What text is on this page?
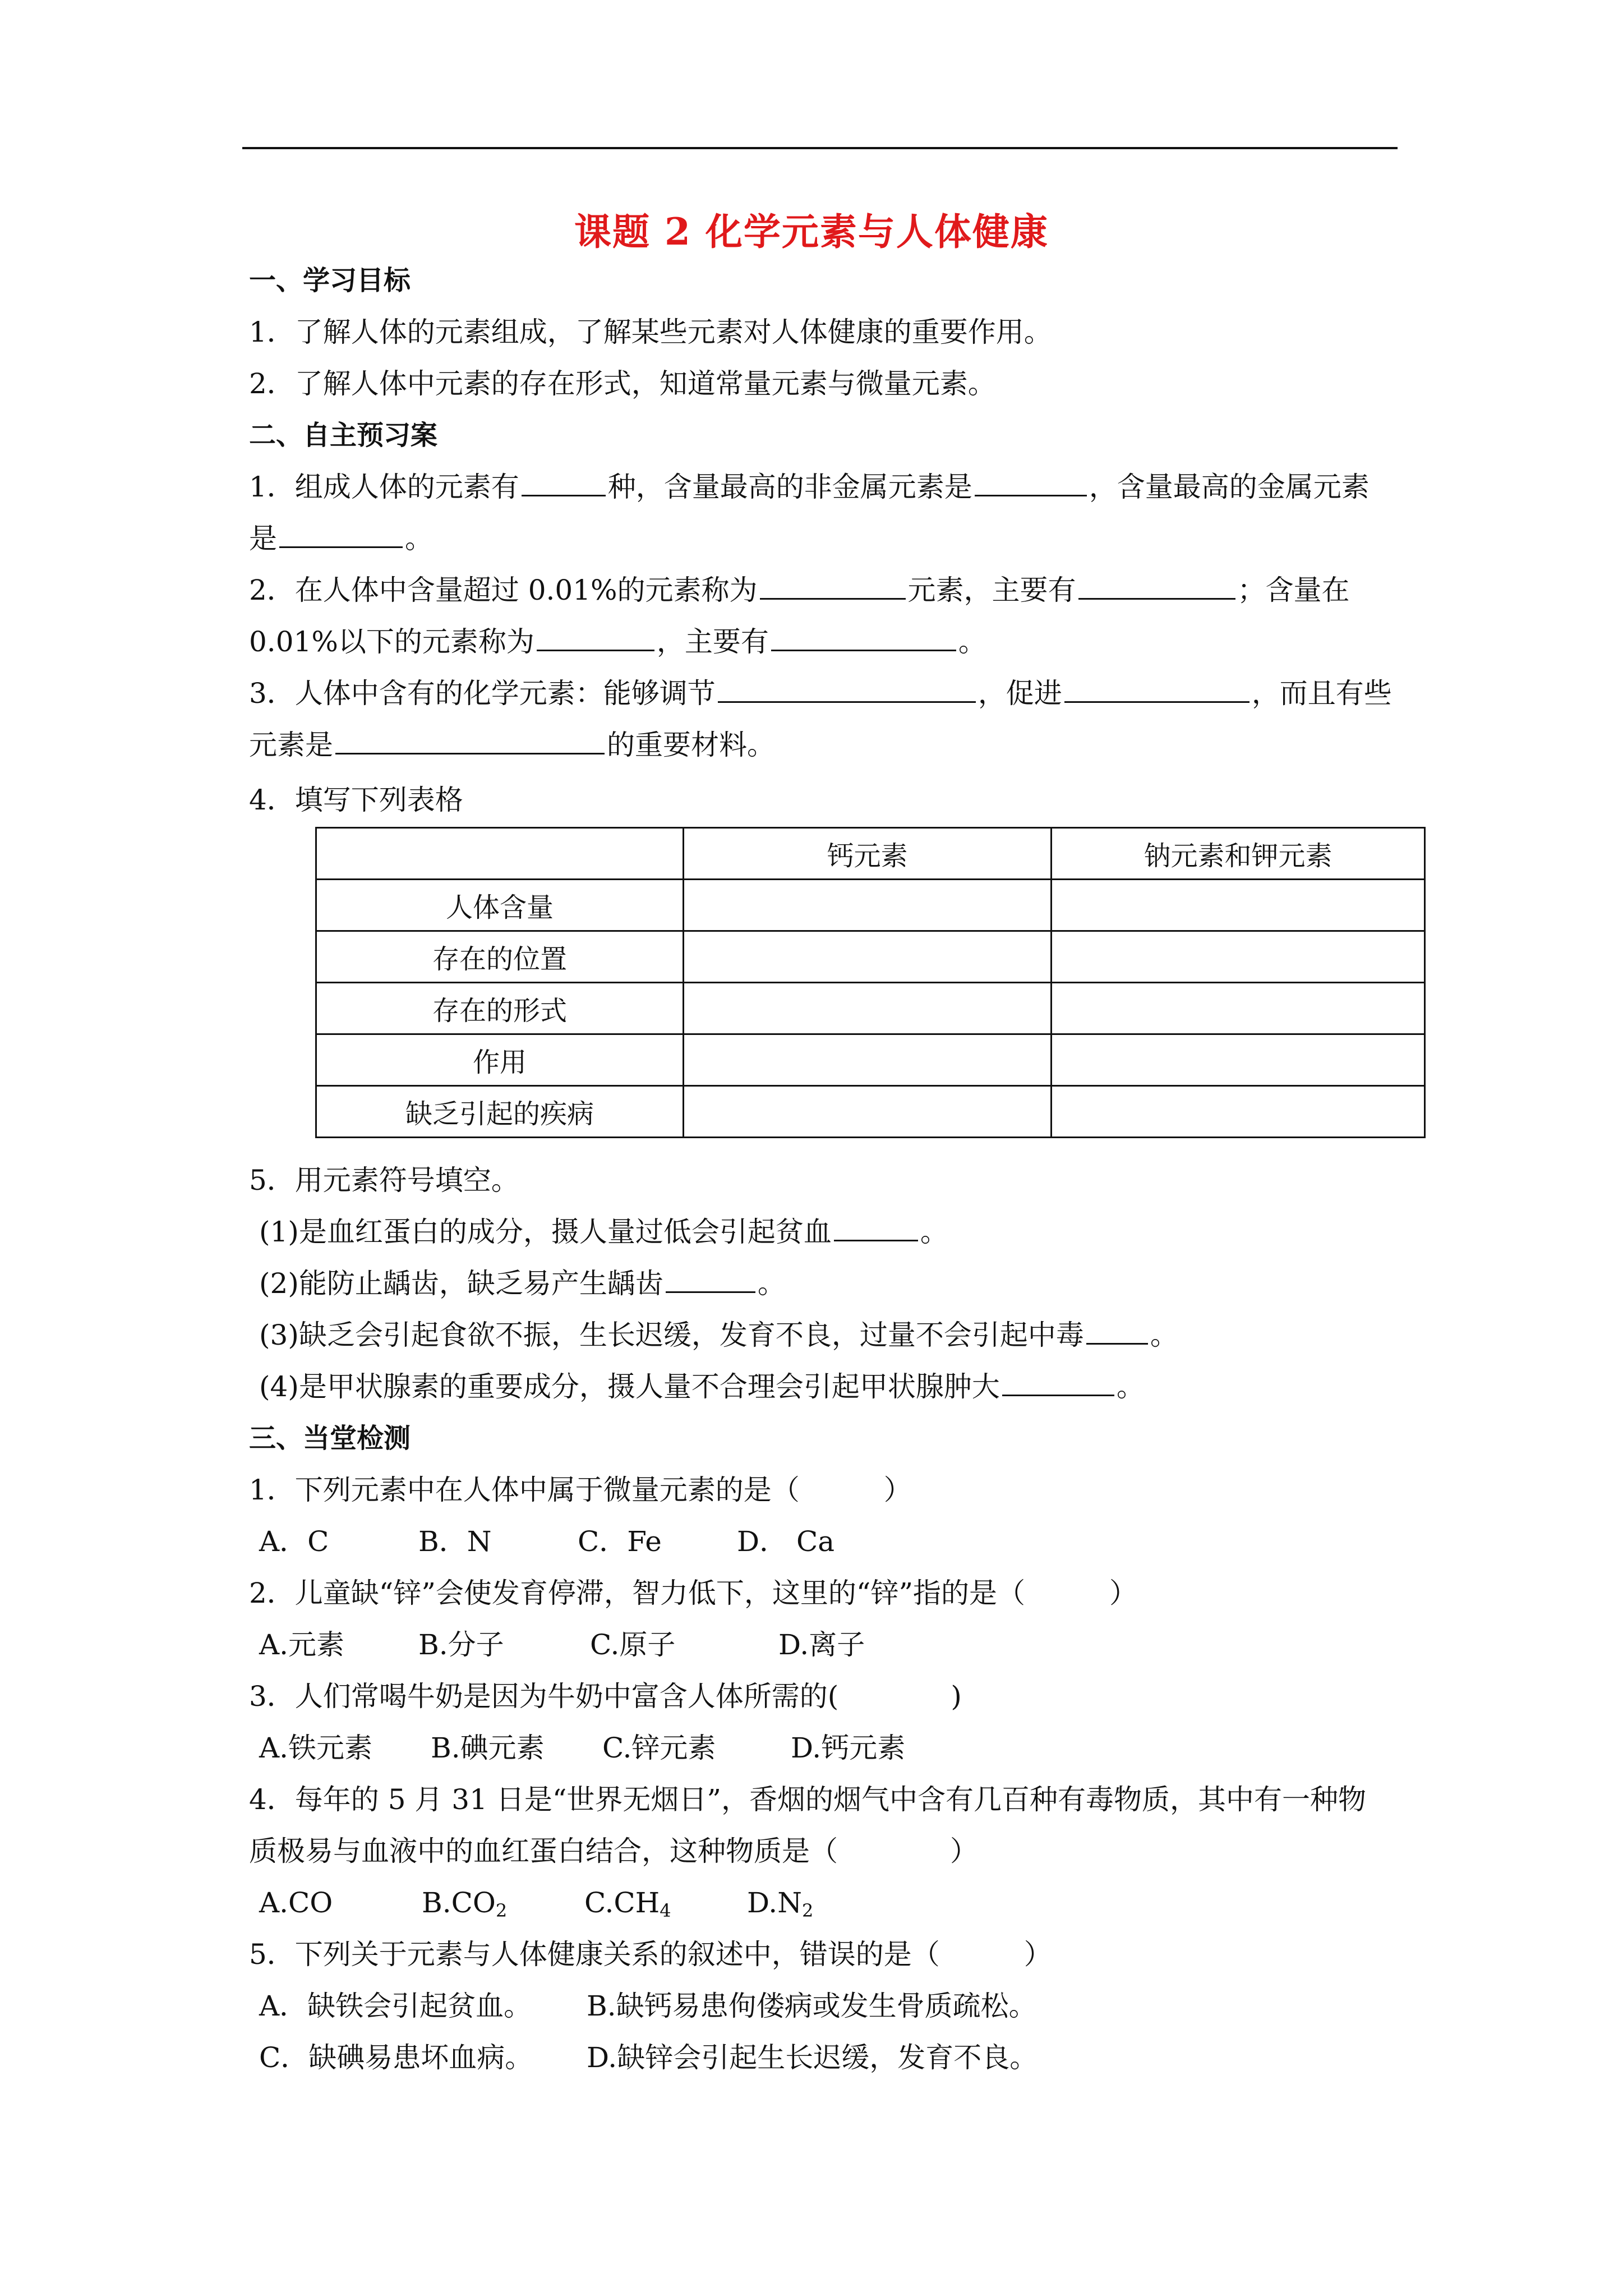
课题 2 化学元素与人体健康
一、学习目标
1．了解人体的元素组成，了解某些元素对人体健康的重要作用。
2．了解人体中元素的存在形式，知道常量元素与微量元素。
二、自主预习案
1．组成人体的元素有	种，含量最高的非金属元素是	，含量最高的金属元素
是	。
2．在人体中含量超过 0.01%的元素称为	元素，主要有	；含量在
0.01%以下的元素称为	，主要有	。
3．人体中含有的化学元素：能够调节	，促进	，而且有些
元素是	的重要材料。
4．填写下列表格
	钙元素	钠元素和钾元素
人体含量		
存在的位置		
存在的形式		
作用		
缺乏引起的疾病		
5．用元素符号填空。
(1)是血红蛋白的成分，摄人量过低会引起贫血	。
(2)能防止龋齿，缺乏易产生龋齿	。
(3)缺乏会引起食欲不振，生长迟缓，发育不良，过量不会引起中毒 。
(4)是甲状腺素的重要成分，摄人量不合理会引起甲状腺肿大	。
三、当堂检测
1．下列元素中在人体中属于微量元素的是（　　　）
A．C	B．N	C．Fe	D． Ca
2．儿童缺“锌”会使发育停滞，智力低下，这里的“锌”指的是（　　　）
A.元素	B.分子	C.原子	D.离子
3．人们常喝牛奶是因为牛奶中富含人体所需的(　　　　)
A.铁元素 B.碘元素 C.锌元素	D.钙元素
4．每年的 5 月 31 日是“世界无烟日”，香烟的烟气中含有几百种有毒物质，其中有一种物
质极易与血液中的血红蛋白结合，这种物质是（　　　　）
A.CO	$B.CO_2$	$C.CH_4$	$D.N_2$
5．下列关于元素与人体健康关系的叙述中，错误的是（　　　）
A．缺铁会引起贫血。 B.缺钙易患佝偻病或发生骨质疏松。
C．缺碘易患坏血病。 D.缺锌会引起生长迟缓，发育不良。
